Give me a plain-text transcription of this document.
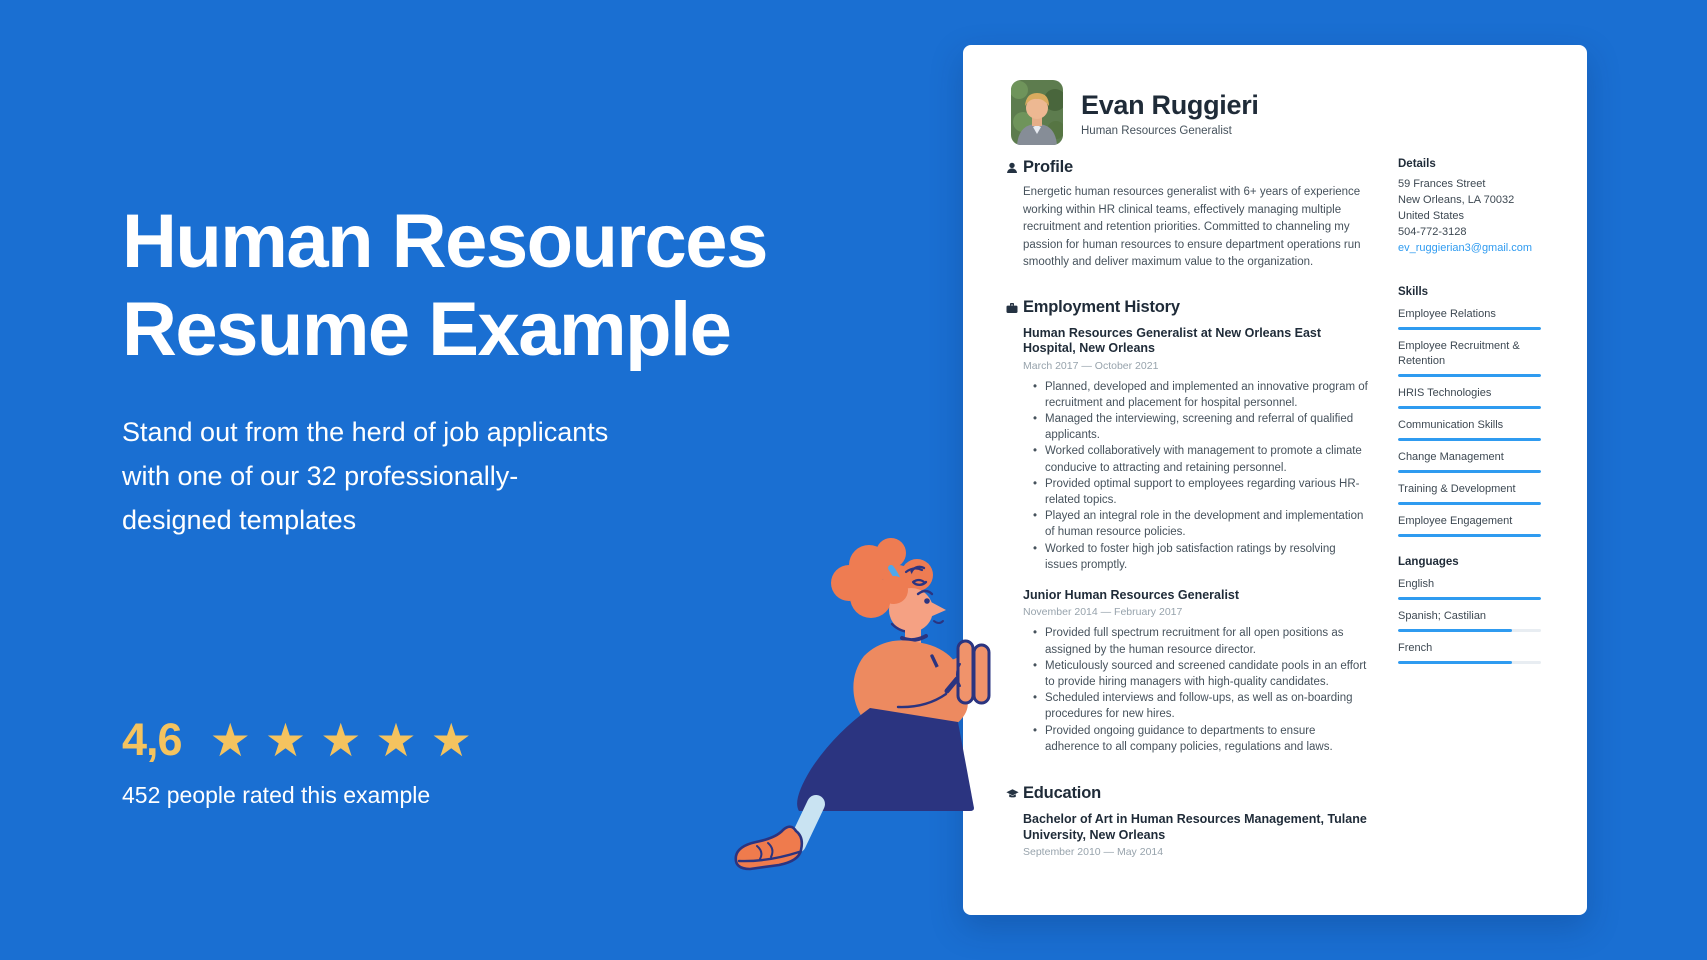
Human Resources
Resume Example

Stand out from the herd of job applicants with one of our 32 professionally-designed templates

4,6 ★★★★★

452 people rated this example

Evan Ruggieri
Human Resources Generalist
Profile

Energetic human resources generalist with 6+ years of experience working within HR clinical teams, effectively managing multiple recruitment and retention priorities. Committed to channeling my passion for human resources to ensure department operations run smoothly and deliver maximum value to the organization.

Employment History
Human Resources Generalist at New Orleans East Hospital, New Orleans
March 2017 — October 2021
• Planned, developed and implemented an innovative program of recruitment and placement for hospital personnel.
• Managed the interviewing, screening and referral of qualified applicants.
• Worked collaboratively with management to promote a climate conducive to attracting and retaining personnel.
• Provided optimal support to employees regarding various HR-related topics.
• Played an integral role in the development and implementation of human resource policies.
• Worked to foster high job satisfaction ratings by resolving issues promptly.
Junior Human Resources Generalist
November 2014 — February 2017
• Provided full spectrum recruitment for all open positions as assigned by the human resource director.
• Meticulously sourced and screened candidate pools in an effort to provide hiring managers with high-quality candidates.
• Scheduled interviews and follow-ups, as well as on-boarding procedures for new hires.
• Provided ongoing guidance to departments to ensure adherence to all company policies, regulations and laws.
Education
Bachelor of Art in Human Resources Management, Tulane University, New Orleans
September 2010 — May 2014
Details
59 Frances Street
New Orleans, LA 70032
United States
504-772-3128
ev_ruggierian3@gmail.com
Skills
Employee Relations
Employee Recruitment & Retention
HRIS Technologies
Communication Skills
Change Management
Training & Development
Employee Engagement
Languages
English
Spanish; Castilian
French
